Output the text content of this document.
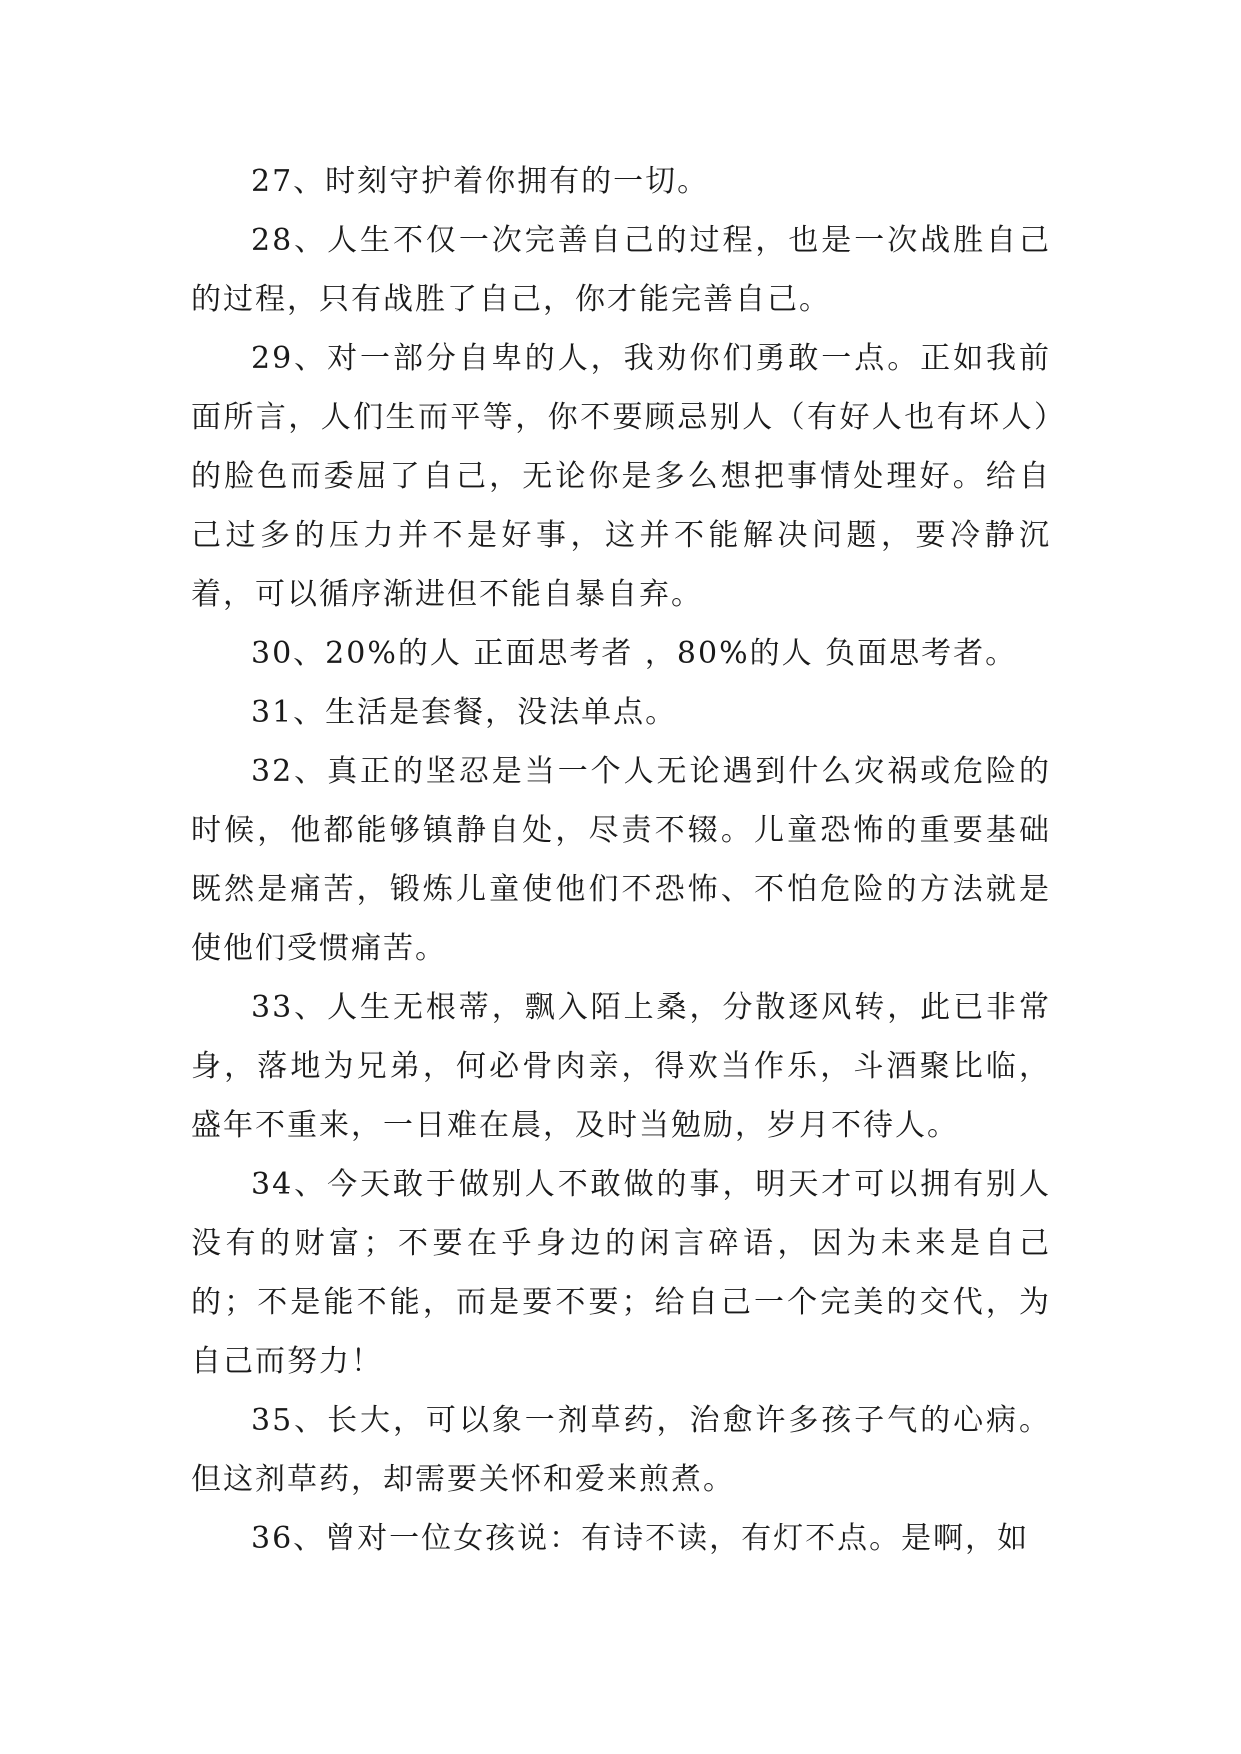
27、时刻守护着你拥有的一切。

28、人生不仅一次完善自己的过程，也是一次战胜自己的过程，只有战胜了自己，你才能完善自己。

29、对一部分自卑的人，我劝你们勇敢一点。正如我前面所言，人们生而平等，你不要顾忌别人（有好人也有坏人）的脸色而委屈了自己，无论你是多么想把事情处理好。给自己过多的压力并不是好事，这并不能解决问题，要冷静沉着，可以循序渐进但不能自暴自弃。

30、20%的人 正面思考者 ，80%的人 负面思考者。

31、生活是套餐，没法单点。

32、真正的坚忍是当一个人无论遇到什么灾祸或危险的时候，他都能够镇静自处，尽责不辍。儿童恐怖的重要基础既然是痛苦，锻炼儿童使他们不恐怖、不怕危险的方法就是使他们受惯痛苦。

33、人生无根蒂，飘入陌上桑，分散逐风转，此已非常身，落地为兄弟，何必骨肉亲，得欢当作乐，斗酒聚比临，盛年不重来，一日难在晨，及时当勉励，岁月不待人。

34、今天敢于做别人不敢做的事，明天才可以拥有别人没有的财富；不要在乎身边的闲言碎语，因为未来是自己的；不是能不能，而是要不要；给自己一个完美的交代，为自己而努力！

35、长大，可以象一剂草药，治愈许多孩子气的心病。但这剂草药，却需要关怀和爱来煎煮。

36、曾对一位女孩说：有诗不读，有灯不点。是啊，如
